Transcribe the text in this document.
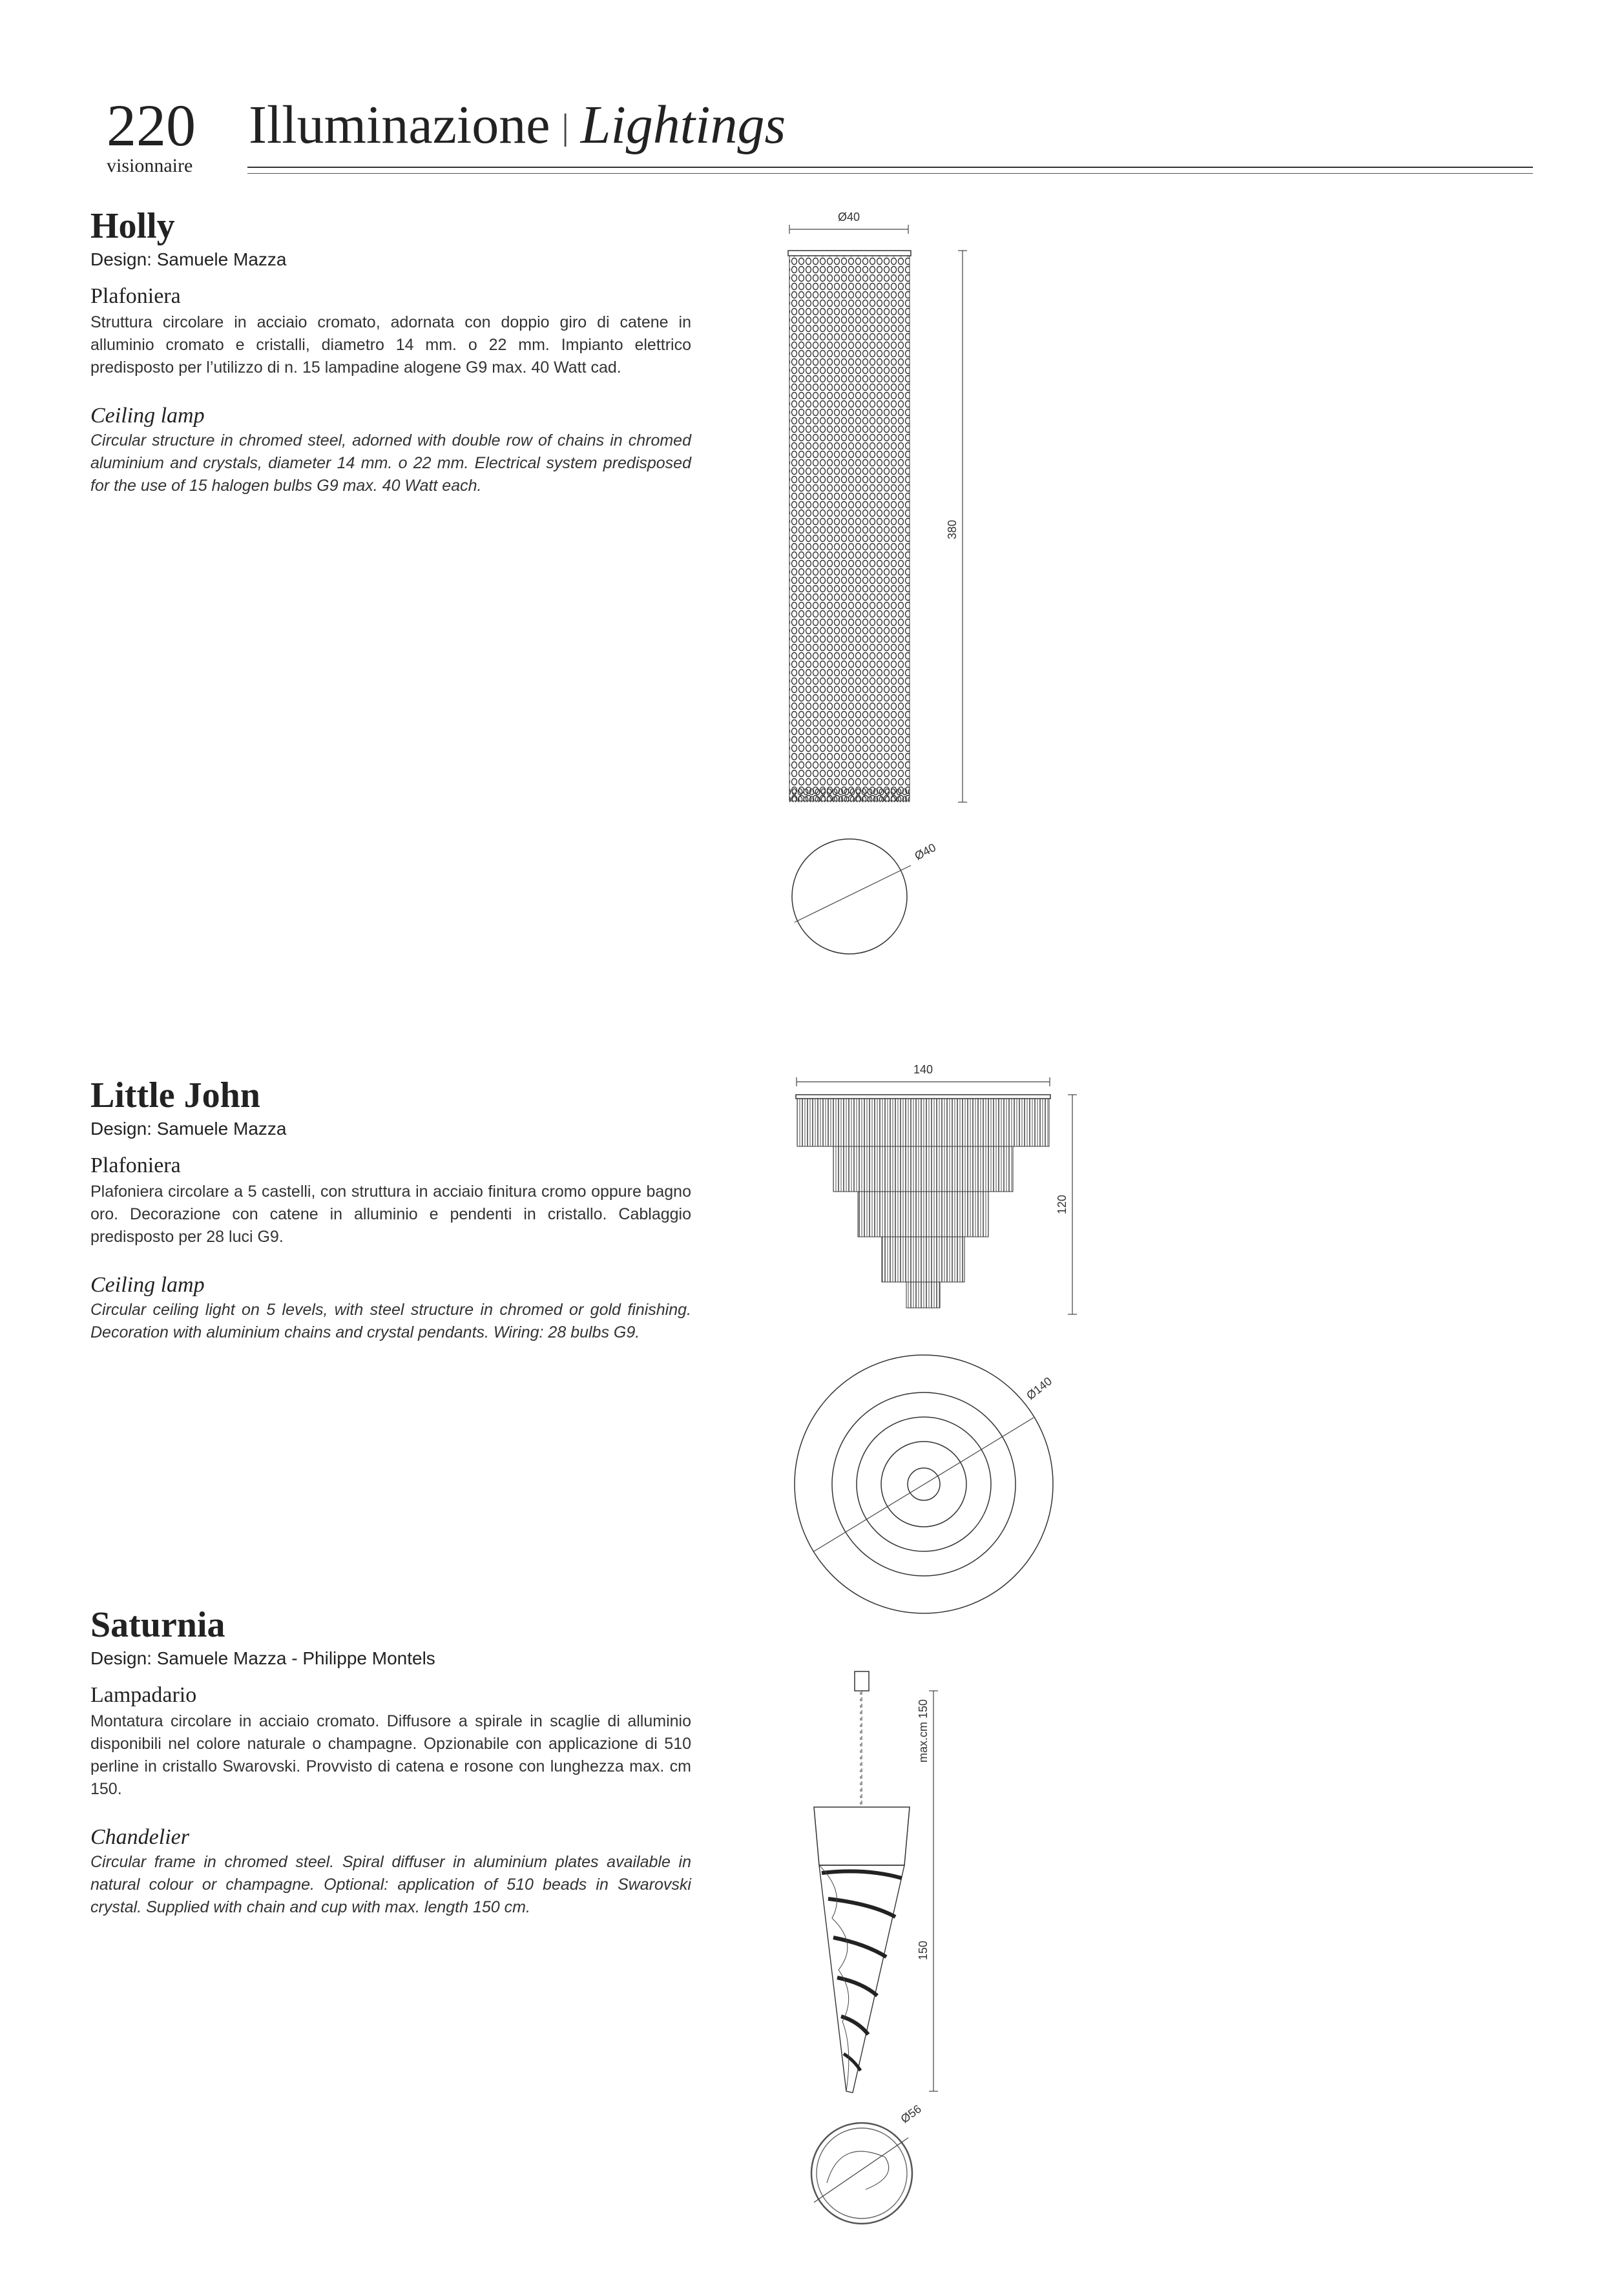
220
visionnaire
Illuminazione | Lightings
Holly
Design: Samuele Mazza
Plafoniera
Struttura circolare in acciaio cromato, adornata con doppio giro di catene in alluminio cromato e cristalli, diametro 14 mm. o 22 mm. Impianto elettrico predisposto per l’utilizzo di n. 15 lampadine alogene G9 max. 40 Watt cad.
Ceiling lamp
Circular structure in chromed steel, adorned with double row of chains in chromed aluminium and crystals, diameter 14 mm. o 22 mm. Electrical system predisposed for the use of 15 halogen bulbs G9 max. 40 Watt each.
Ø40
380
Ø40
Little John
Design: Samuele Mazza
Plafoniera
Plafoniera circolare a 5 castelli, con struttura in acciaio finitura cromo oppure bagno oro. Decorazione con catene in alluminio e pendenti in cristallo. Cablaggio predisposto per 28 luci G9.
Ceiling lamp
Circular ceiling light on 5 levels, with steel structure in chromed or gold finishing. Decoration with aluminium chains and crystal pendants. Wiring: 28 bulbs G9.
140
120
Ø140
Saturnia
Design: Samuele Mazza - Philippe Montels
Lampadario
Montatura circolare in acciaio cromato. Diffusore a spirale in scaglie di alluminio disponibili nel colore naturale o champagne. Opzionabile con applicazione di 510 perline in cristallo Swarovski. Provvisto di catena e rosone con lunghezza max. cm 150.
Chandelier
Circular frame in chromed steel. Spiral diffuser in aluminium plates available in natural colour or champagne. Optional: application of 510 beads in Swarovski crystal. Supplied with chain and cup with max. length 150 cm.
max.cm 150
150
Ø56
